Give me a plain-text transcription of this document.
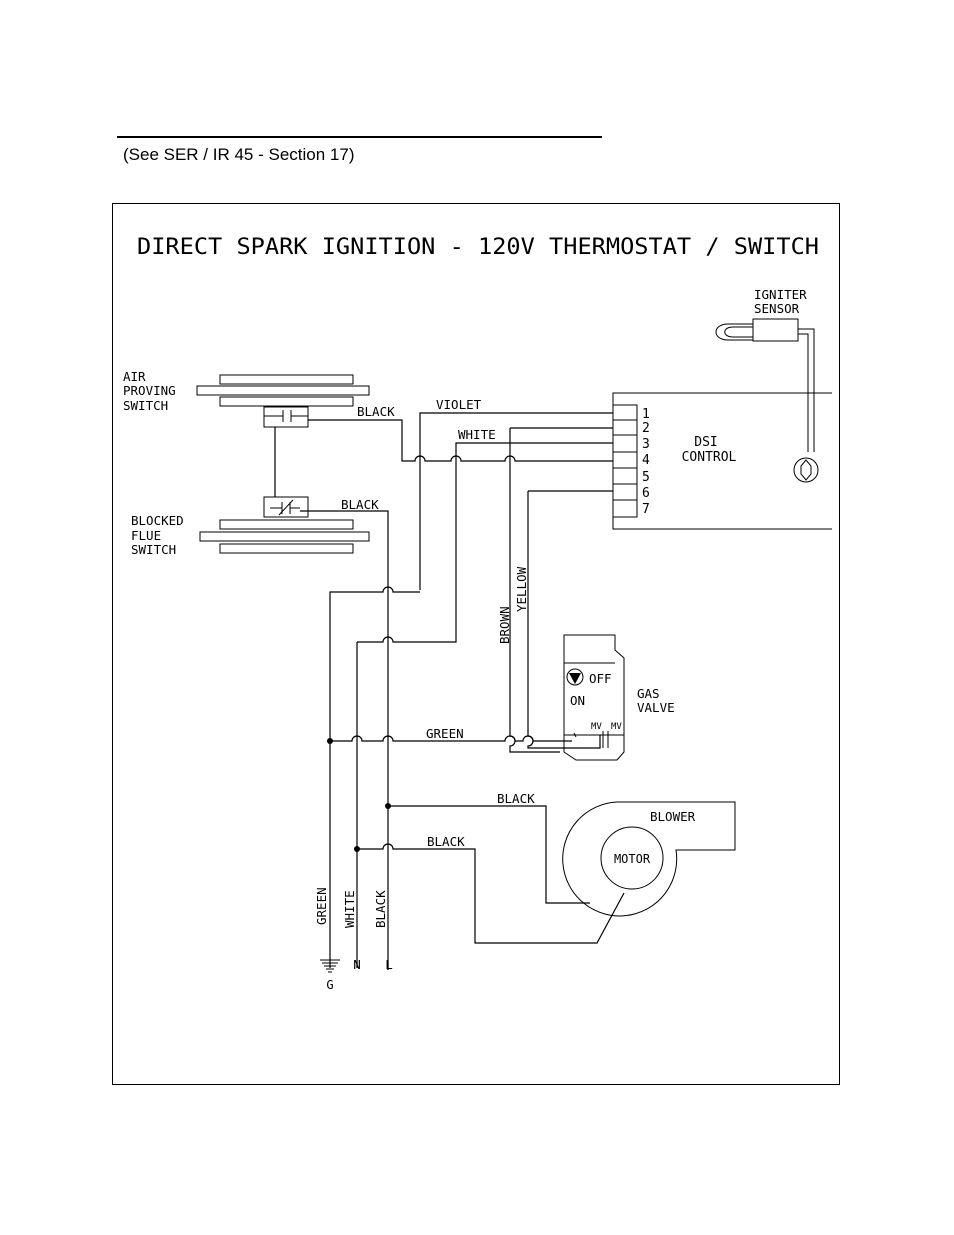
(See SER / IR 45 - Section 17)
DIRECT SPARK IGNITION - 120V THERMOSTAT / SWITCH
IGNITER
SENSOR
1
2
3
4
5
6
7
DSI
CONTROL
AIR
PROVING
SWITCH
BLOCKED
FLUE
SWITCH
OFF
ON
MV MV
GAS
VALVE
BLOWER
MOTOR
BLACK	VIOLET
WHITE
BLACK
BROWN
YELLOW
GREEN
BLACK
BLACK
GREEN WHITE BLACK
G
N L
